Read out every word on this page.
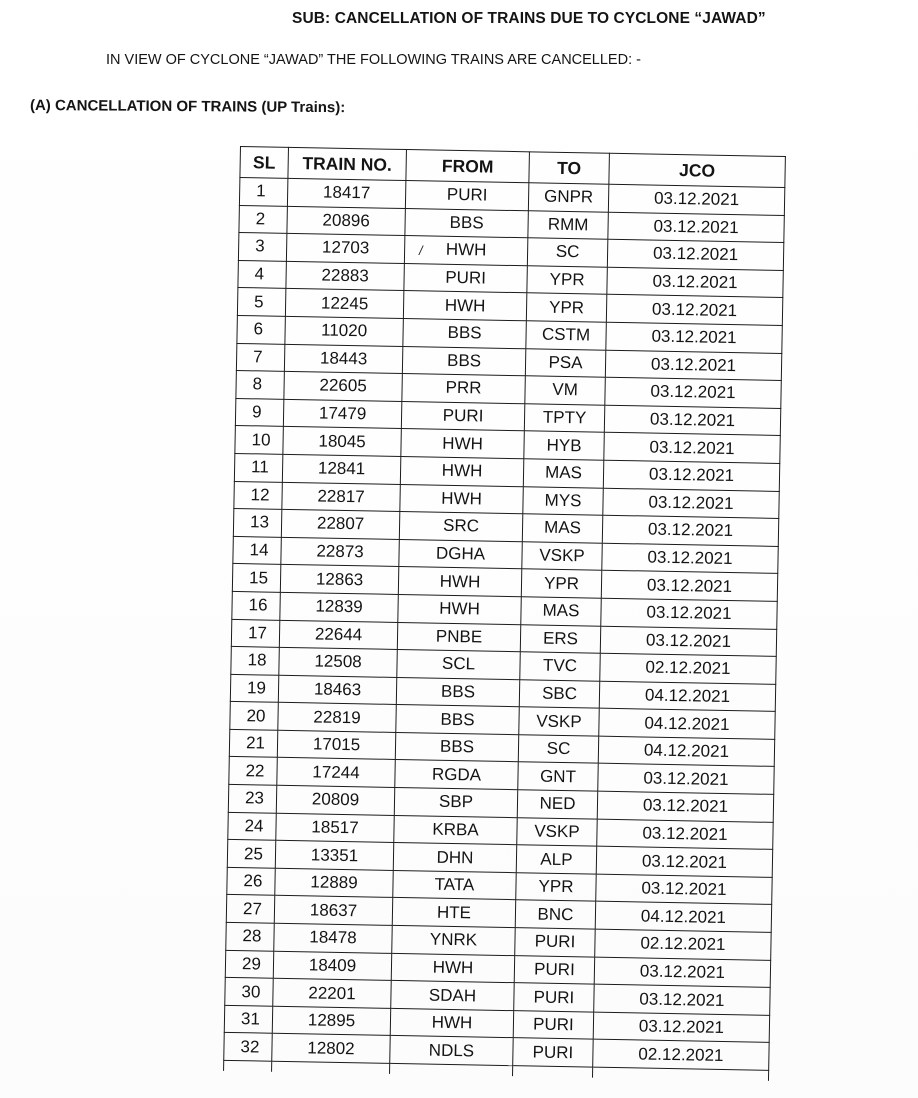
SUB: CANCELLATION OF TRAINS DUE TO CYCLONE “JAWAD”
IN VIEW OF CYCLONE “JAWAD” THE FOLLOWING TRAINS ARE CANCELLED: -
(A) CANCELLATION OF TRAINS (UP Trains):
SL	TRAIN NO.	FROM	TO	JCO
1	18417	PURI	GNPR	03.12.2021
2	20896	BBS	RMM	03.12.2021
3	12703	HWH	SC	03.12.2021
4	22883	PURI	YPR	03.12.2021
5	12245	HWH	YPR	03.12.2021
6	11020	BBS	CSTM	03.12.2021
7	18443	BBS	PSA	03.12.2021
8	22605	PRR	VM	03.12.2021
9	17479	PURI	TPTY	03.12.2021
10	18045	HWH	HYB	03.12.2021
11	12841	HWH	MAS	03.12.2021
12	22817	HWH	MYS	03.12.2021
13	22807	SRC	MAS	03.12.2021
14	22873	DGHA	VSKP	03.12.2021
15	12863	HWH	YPR	03.12.2021
16	12839	HWH	MAS	03.12.2021
17	22644	PNBE	ERS	03.12.2021
18	12508	SCL	TVC	02.12.2021
19	18463	BBS	SBC	04.12.2021
20	22819	BBS	VSKP	04.12.2021
21	17015	BBS	SC	04.12.2021
22	17244	RGDA	GNT	03.12.2021
23	20809	SBP	NED	03.12.2021
24	18517	KRBA	VSKP	03.12.2021
25	13351	DHN	ALP	03.12.2021
26	12889	TATA	YPR	03.12.2021
27	18637	HTE	BNC	04.12.2021
28	18478	YNRK	PURI	02.12.2021
29	18409	HWH	PURI	03.12.2021
30	22201	SDAH	PURI	03.12.2021
31	12895	HWH	PURI	03.12.2021
32	12802	NDLS	PURI	02.12.2021

/
